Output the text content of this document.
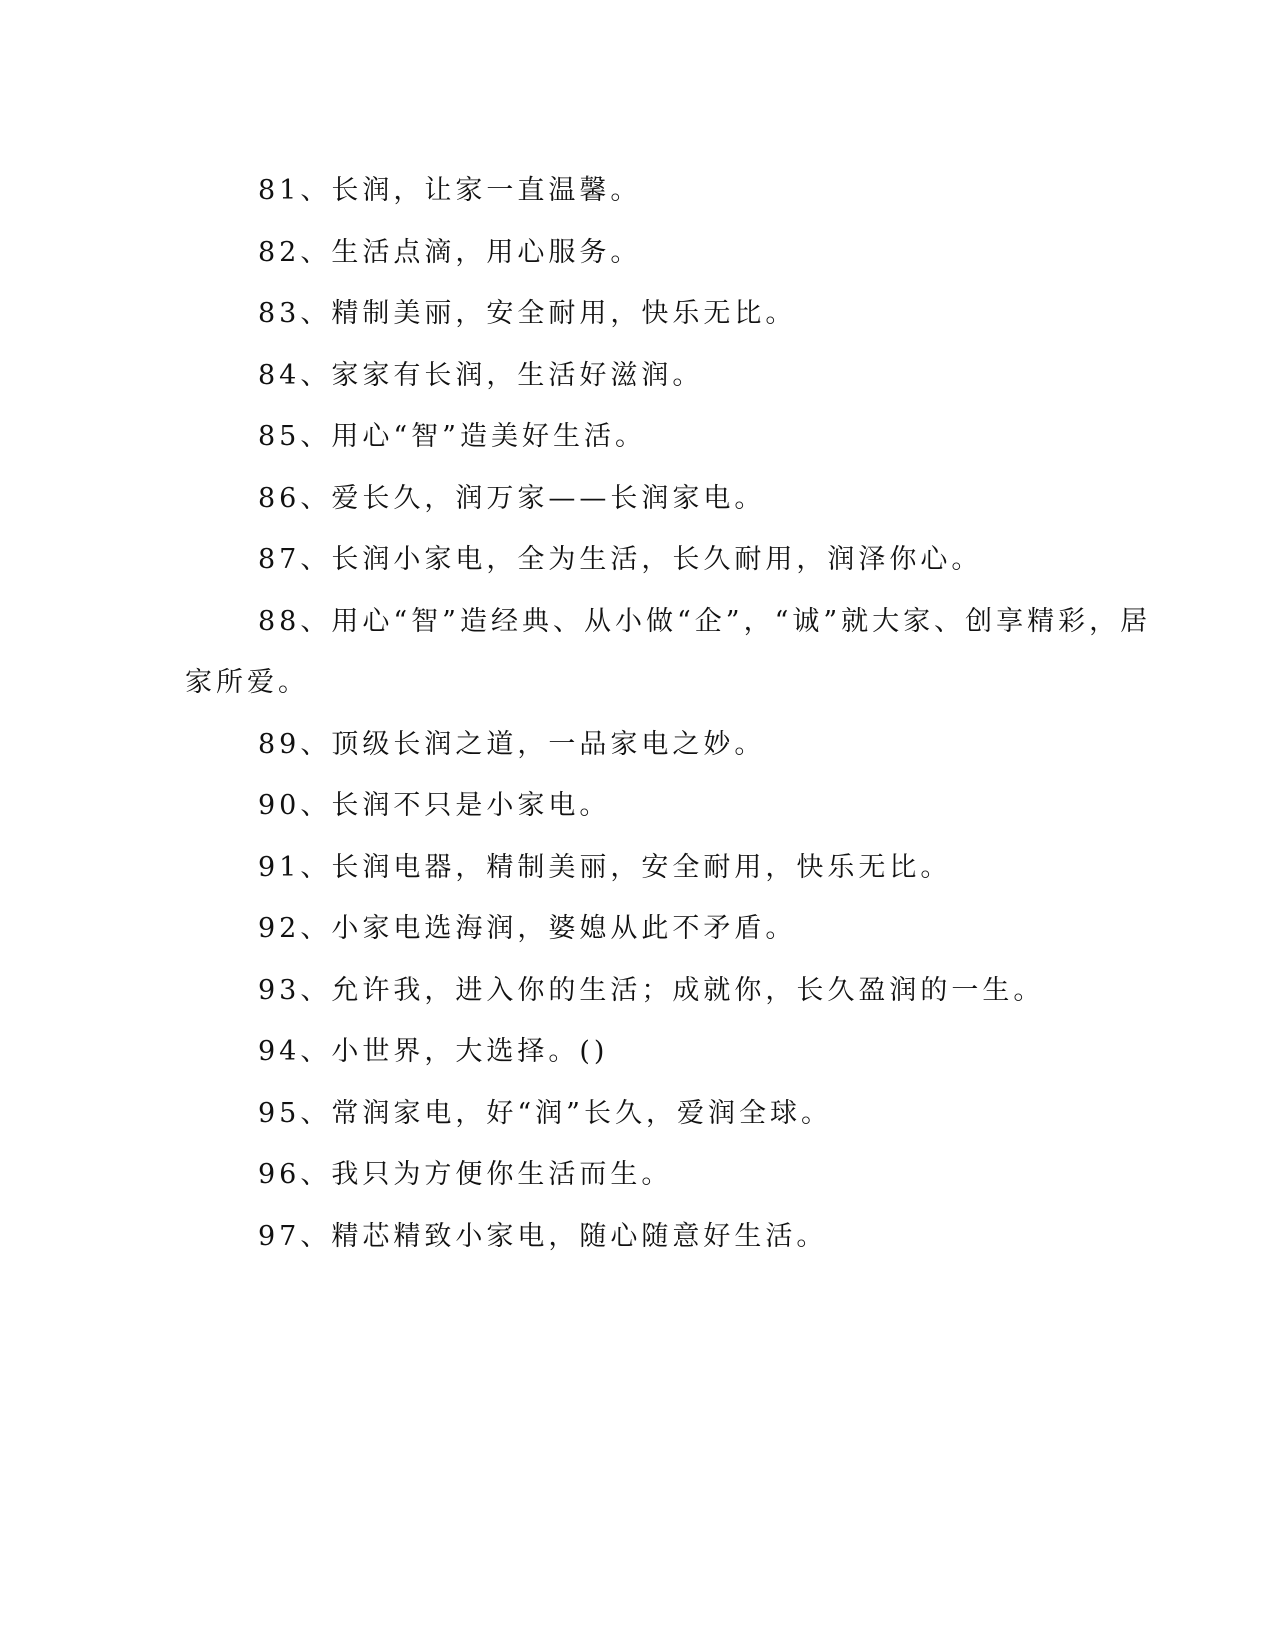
81、长润，让家一直温馨。
82、生活点滴，用心服务。
83、精制美丽，安全耐用，快乐无比。
84、家家有长润，生活好滋润。
85、用心“智”造美好生活。
86、爱长久，润万家——长润家电。
87、长润小家电，全为生活，长久耐用，润泽你心。
88、用心“智”造经典、从小做“企”，“诚”就大家、创享精彩，居
家所爱。
89、顶级长润之道，一品家电之妙。
90、长润不只是小家电。
91、长润电器，精制美丽，安全耐用，快乐无比。
92、小家电选海润，婆媳从此不矛盾。
93、允许我，进入你的生活；成就你，长久盈润的一生。
94、小世界，大选择。()
95、常润家电，好“润”长久，爱润全球。
96、我只为方便你生活而生。
97、精芯精致小家电，随心随意好生活。
